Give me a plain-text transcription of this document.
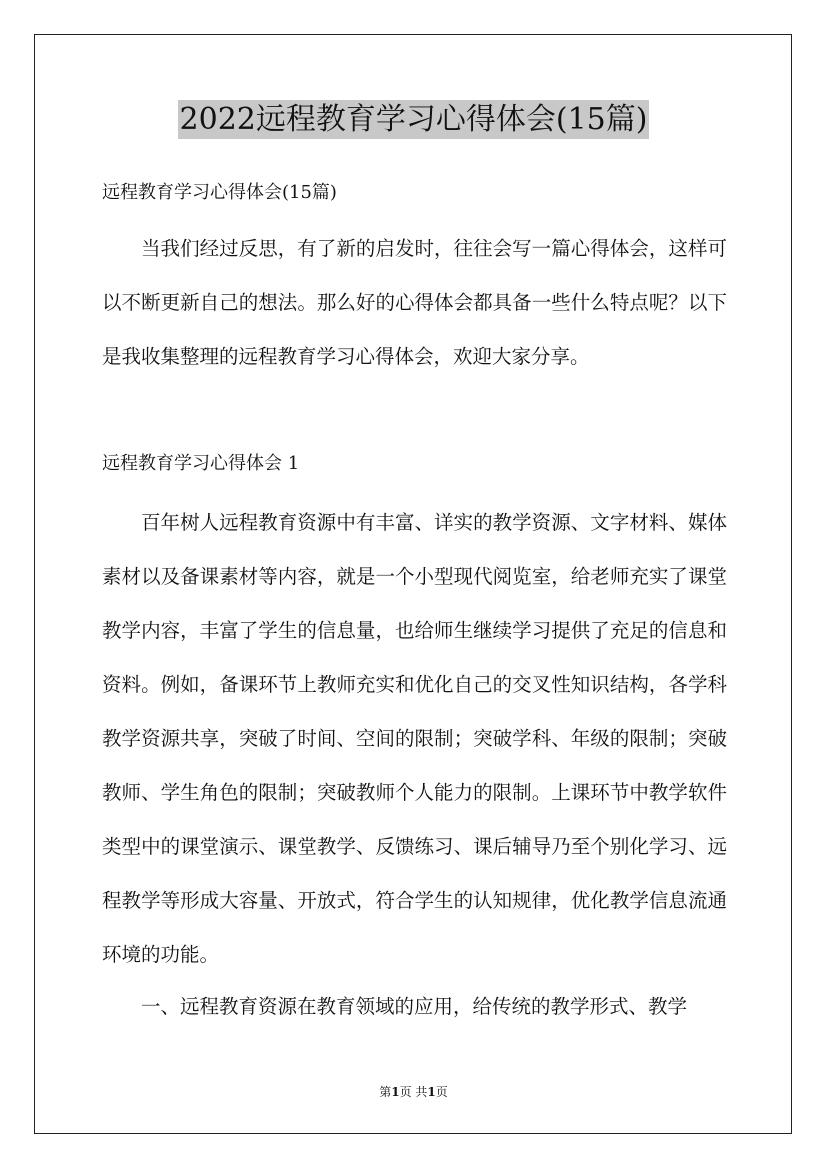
2022远程教育学习心得体会(15篇)
远程教育学习心得体会(15篇)

当我们经过反思，有了新的启发时，往往会写一篇心得体会，这样可以不断更新自己的想法。那么好的心得体会都具备一些什么特点呢？以下是我收集整理的远程教育学习心得体会，欢迎大家分享。

远程教育学习心得体会 1

百年树人远程教育资源中有丰富、详实的教学资源、文字材料、媒体素材以及备课素材等内容，就是一个小型现代阅览室，给老师充实了课堂教学内容，丰富了学生的信息量，也给师生继续学习提供了充足的信息和资料。例如，备课环节上教师充实和优化自己的交叉性知识结构，各学科教学资源共享，突破了时间、空间的限制；突破学科、年级的限制；突破教师、学生角色的限制；突破教师个人能力的限制。上课环节中教学软件类型中的课堂演示、课堂教学、反馈练习、课后辅导乃至个别化学习、远程教学等形成大容量、开放式，符合学生的认知规律，优化教学信息流通环境的功能。

一、远程教育资源在教育领域的应用，给传统的教学形式、教学

第1页 共1页
